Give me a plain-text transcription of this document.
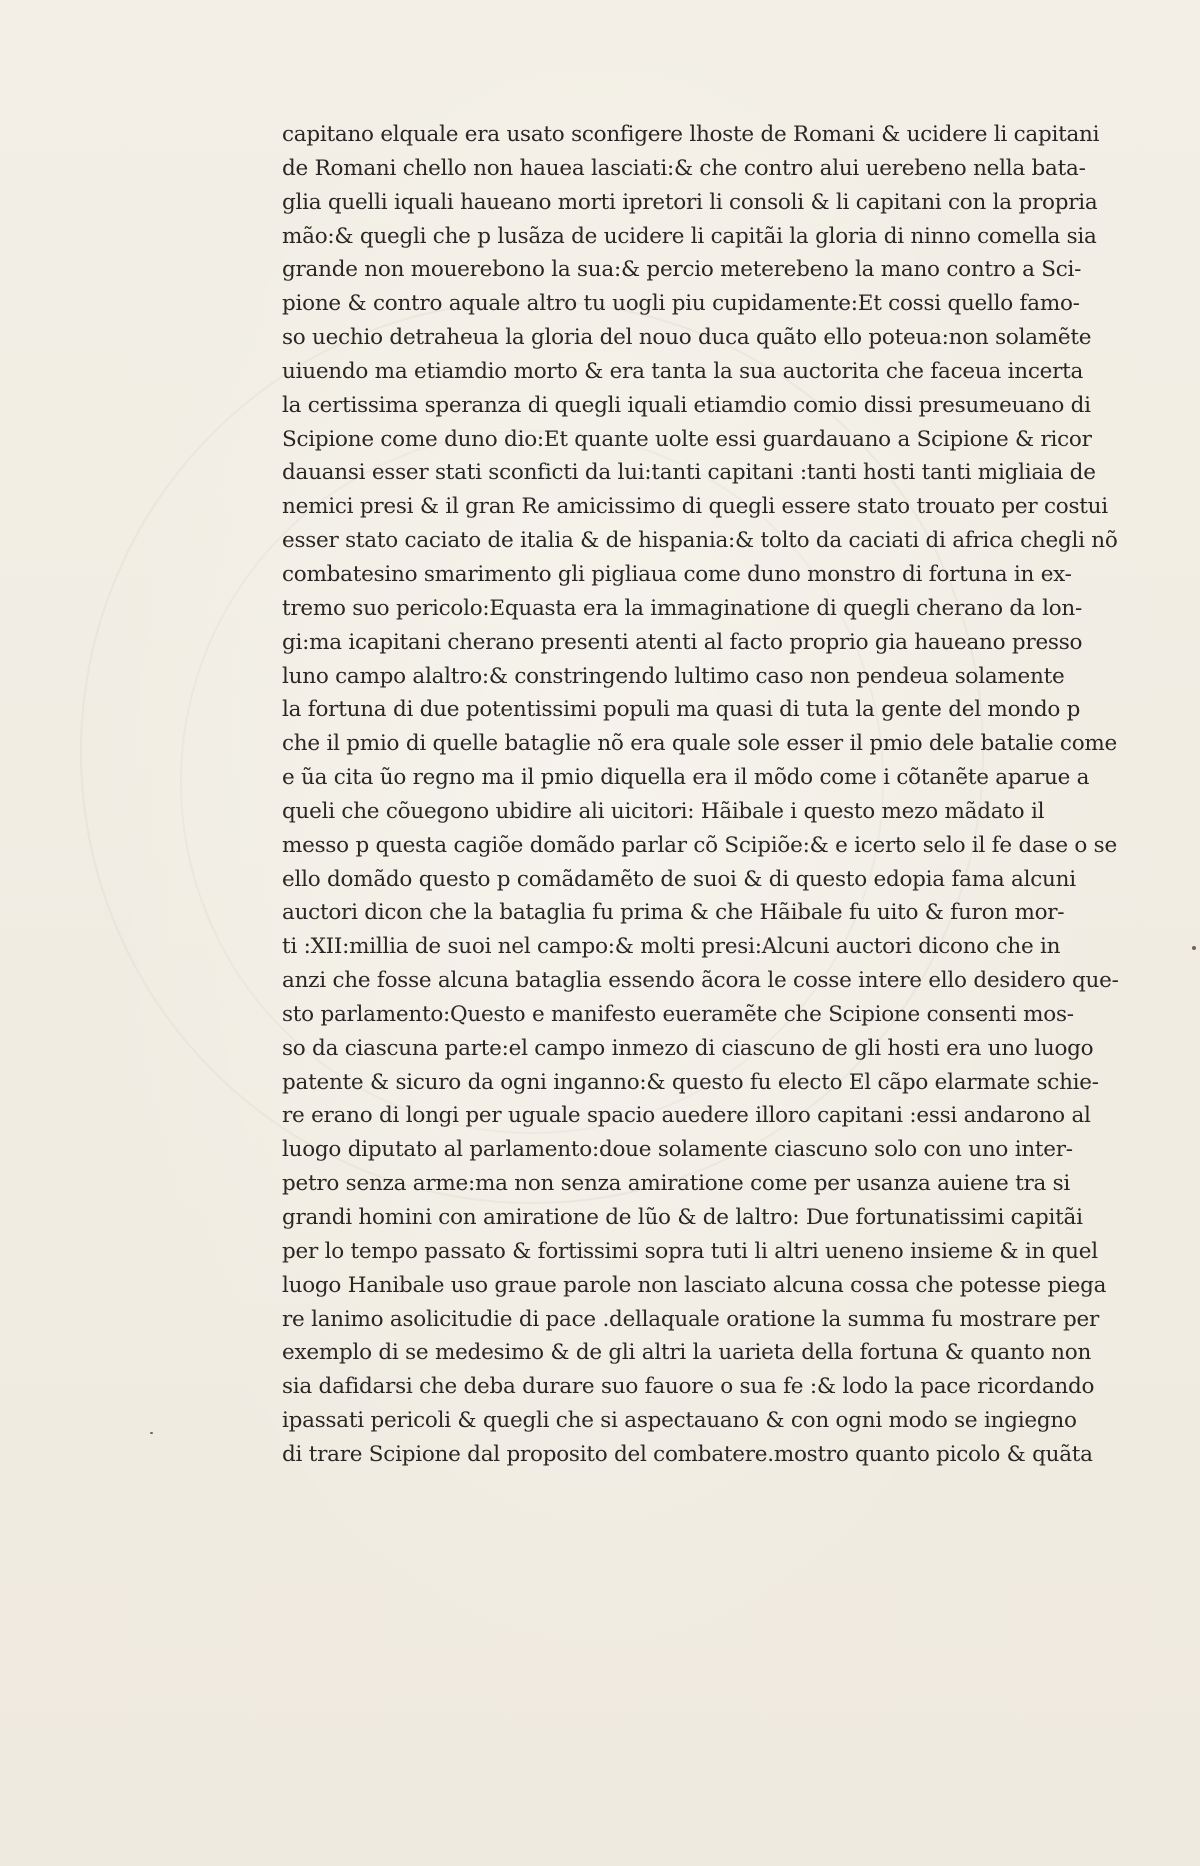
capitano elquale era usato sconfigere lhoste de Romani & ucidere li capitani
de Romani chello non hauea lasciati:& che contro alui uerebeno nella bata-
glia quelli iquali haueano morti ipretori li consoli & li capitani con la propria
mão:& quegli che p lusãza de ucidere li capitãi la gloria di ninno comella sia
grande non mouerebono la sua:& percio meterebeno la mano contro a Sci-
pione & contro aquale altro tu uogli piu cupidamente:Et cossi quello famo-
so uechio detraheua la gloria del nouo duca quãto ello poteua:non solamẽte
uiuendo ma etiamdio morto & era tanta la sua auctorita che faceua incerta
la certissima speranza di quegli iquali etiamdio comio dissi presumeuano di
Scipione come duno dio:Et quante uolte essi guardauano a Scipione & ricor
dauansi esser stati sconficti da lui:tanti capitani :tanti hosti tanti migliaia de
nemici presi & il gran Re amicissimo di quegli essere stato trouato per costui
esser stato caciato de italia & de hispania:& tolto da caciati di africa chegli nõ
combatesino smarimento gli pigliaua come duno monstro di fortuna in ex-
tremo suo pericolo:Equasta era la immaginatione di quegli cherano da lon-
gi:ma icapitani cherano presenti atenti al facto proprio gia haueano presso
luno campo alaltro:& constringendo lultimo caso non pendeua solamente
la fortuna di due potentissimi populi ma quasi di tuta la gente del mondo p
che il pmio di quelle bataglie nõ era quale sole esser il pmio dele batalie come
e ũa cita ũo regno ma il pmio diquella era il mõdo come i cõtanẽte aparue a
queli che cõuegono ubidire ali uicitori: Hãibale i questo mezo mãdato il
messo p questa cagiõe domãdo parlar cõ Scipiõe:& e icerto selo il fe dase o se
ello domãdo questo p comãdamẽto de suoi & di questo edopia fama alcuni
auctori dicon che la bataglia fu prima & che Hãibale fu uito & furon mor-
ti :XII:millia de suoi nel campo:& molti presi:Alcuni auctori dicono che in
anzi che fosse alcuna bataglia essendo ãcora le cosse intere ello desidero que-
sto parlamento:Questo e manifesto eueramẽte che Scipione consenti mos-
so da ciascuna parte:el campo inmezo di ciascuno de gli hosti era uno luogo
patente & sicuro da ogni inganno:& questo fu electo El cãpo elarmate schie-
re erano di longi per uguale spacio auedere illoro capitani :essi andarono al
luogo diputato al parlamento:doue solamente ciascuno solo con uno inter-
petro senza arme:ma non senza amiratione come per usanza auiene tra si
grandi homini con amiratione de lũo & de laltro: Due fortunatissimi capitãi
per lo tempo passato & fortissimi sopra tuti li altri ueneno insieme & in quel
luogo Hanibale uso graue parole non lasciato alcuna cossa che potesse piega
re lanimo asolicitudie di pace .dellaquale oratione la summa fu mostrare per
exemplo di se medesimo & de gli altri la uarieta della fortuna & quanto non
sia dafidarsi che deba durare suo fauore o sua fe :& lodo la pace ricordando
ipassati pericoli & quegli che si aspectauano & con ogni modo se ingiegno
di trare Scipione dal proposito del combatere.mostro quanto picolo & quãta
